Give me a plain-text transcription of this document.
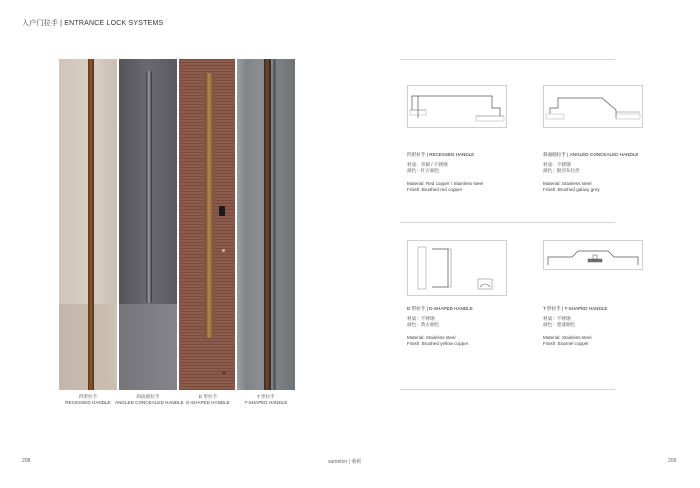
入户门拉手 | ENTRANCE LOCK SYSTEMS
凹形拉手
RECESSED HANDLE
斜面暗拉手
ANGLED CONCEALED HANDLE
D 形拉手
D-SHAPED HANDLE
T 形拉手
T-SHAPED HANDLE
凹形拉手 | RECESSED HANDLE
材质：青铜 / 不锈钢
颜色：红古铜色
Material: Red copper / Stainless steel
Finish: Brushed red copper
斜面暗拉手 | ANGLED CONCEALED HANDLE
材质：不锈钢
颜色：银河灰拉丝
Material: Stainless steel
Finish: Brushed galaxy grey
D 形拉手 | D-SHAPED HANDLE
材质：不锈钢
颜色：黄古铜色
Material: Stainless steel
Finish: Brushed yellow copper
T 形拉手 | T-SHAPED HANDLE
材质：不锈钢
颜色：瓷漆铜色
Material: Stainless steel
Finish: Enamel copper
208	sameton | 桑顿	209
